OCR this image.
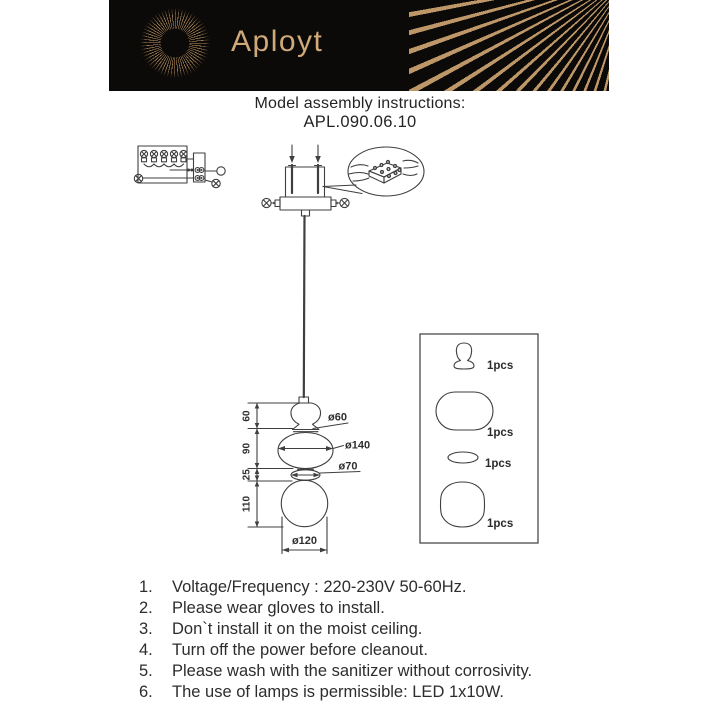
Aployt
Model assembly instructions:
APL.090.06.10
ø140
ø60
ø70
ø120
60
90
25
110
1pcs
1pcs
1pcs
1pcs
1.	Voltage/Frequency : 220-230V 50-60Hz.
2.	Please wear gloves to install.
3.	Don`t install it on the moist ceiling.
4.	Turn off the power before cleanout.
5.	Please wash with the sanitizer without corrosivity.
6.	The use of lamps is permissible: LED 1x10W.
